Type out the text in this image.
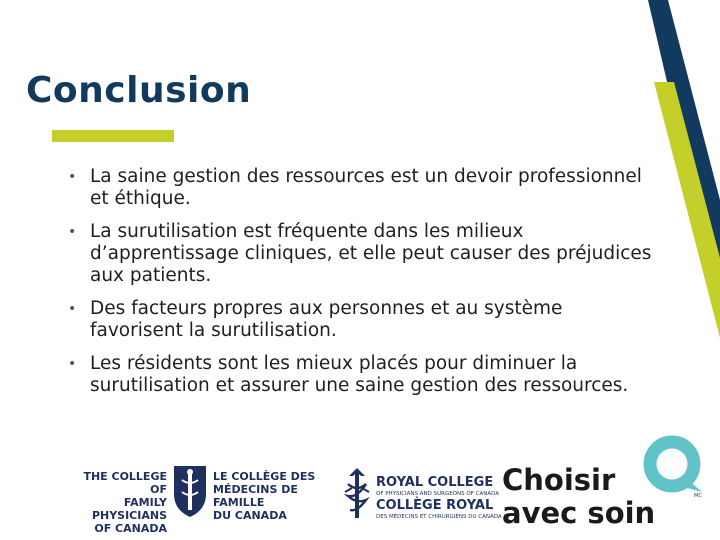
Conclusion
• La saine gestion des ressources est un devoir professionnel et éthique.
• La surutilisation est fréquente dans les milieux d’apprentissage cliniques, et elle peut causer des préjudices aux patients.
• Des facteurs propres aux personnes et au système favorisent la surutilisation.
• Les résidents sont les mieux placés pour diminuer la surutilisation et assurer une saine gestion des ressources.
THE COLLEGE OF
FAMILY PHYSICIANS
OF CANADA
LE COLLÈGE DES
MÉDECINS DE FAMILLE
DU CANADA
ROYAL COLLEGE
OF PHYSICIANS AND SURGEONS OF CANADA
COLLÈGE ROYAL
DES MÉDECINS ET CHIRURGIENS DU CANADA
Choisir
avec soin	MC
